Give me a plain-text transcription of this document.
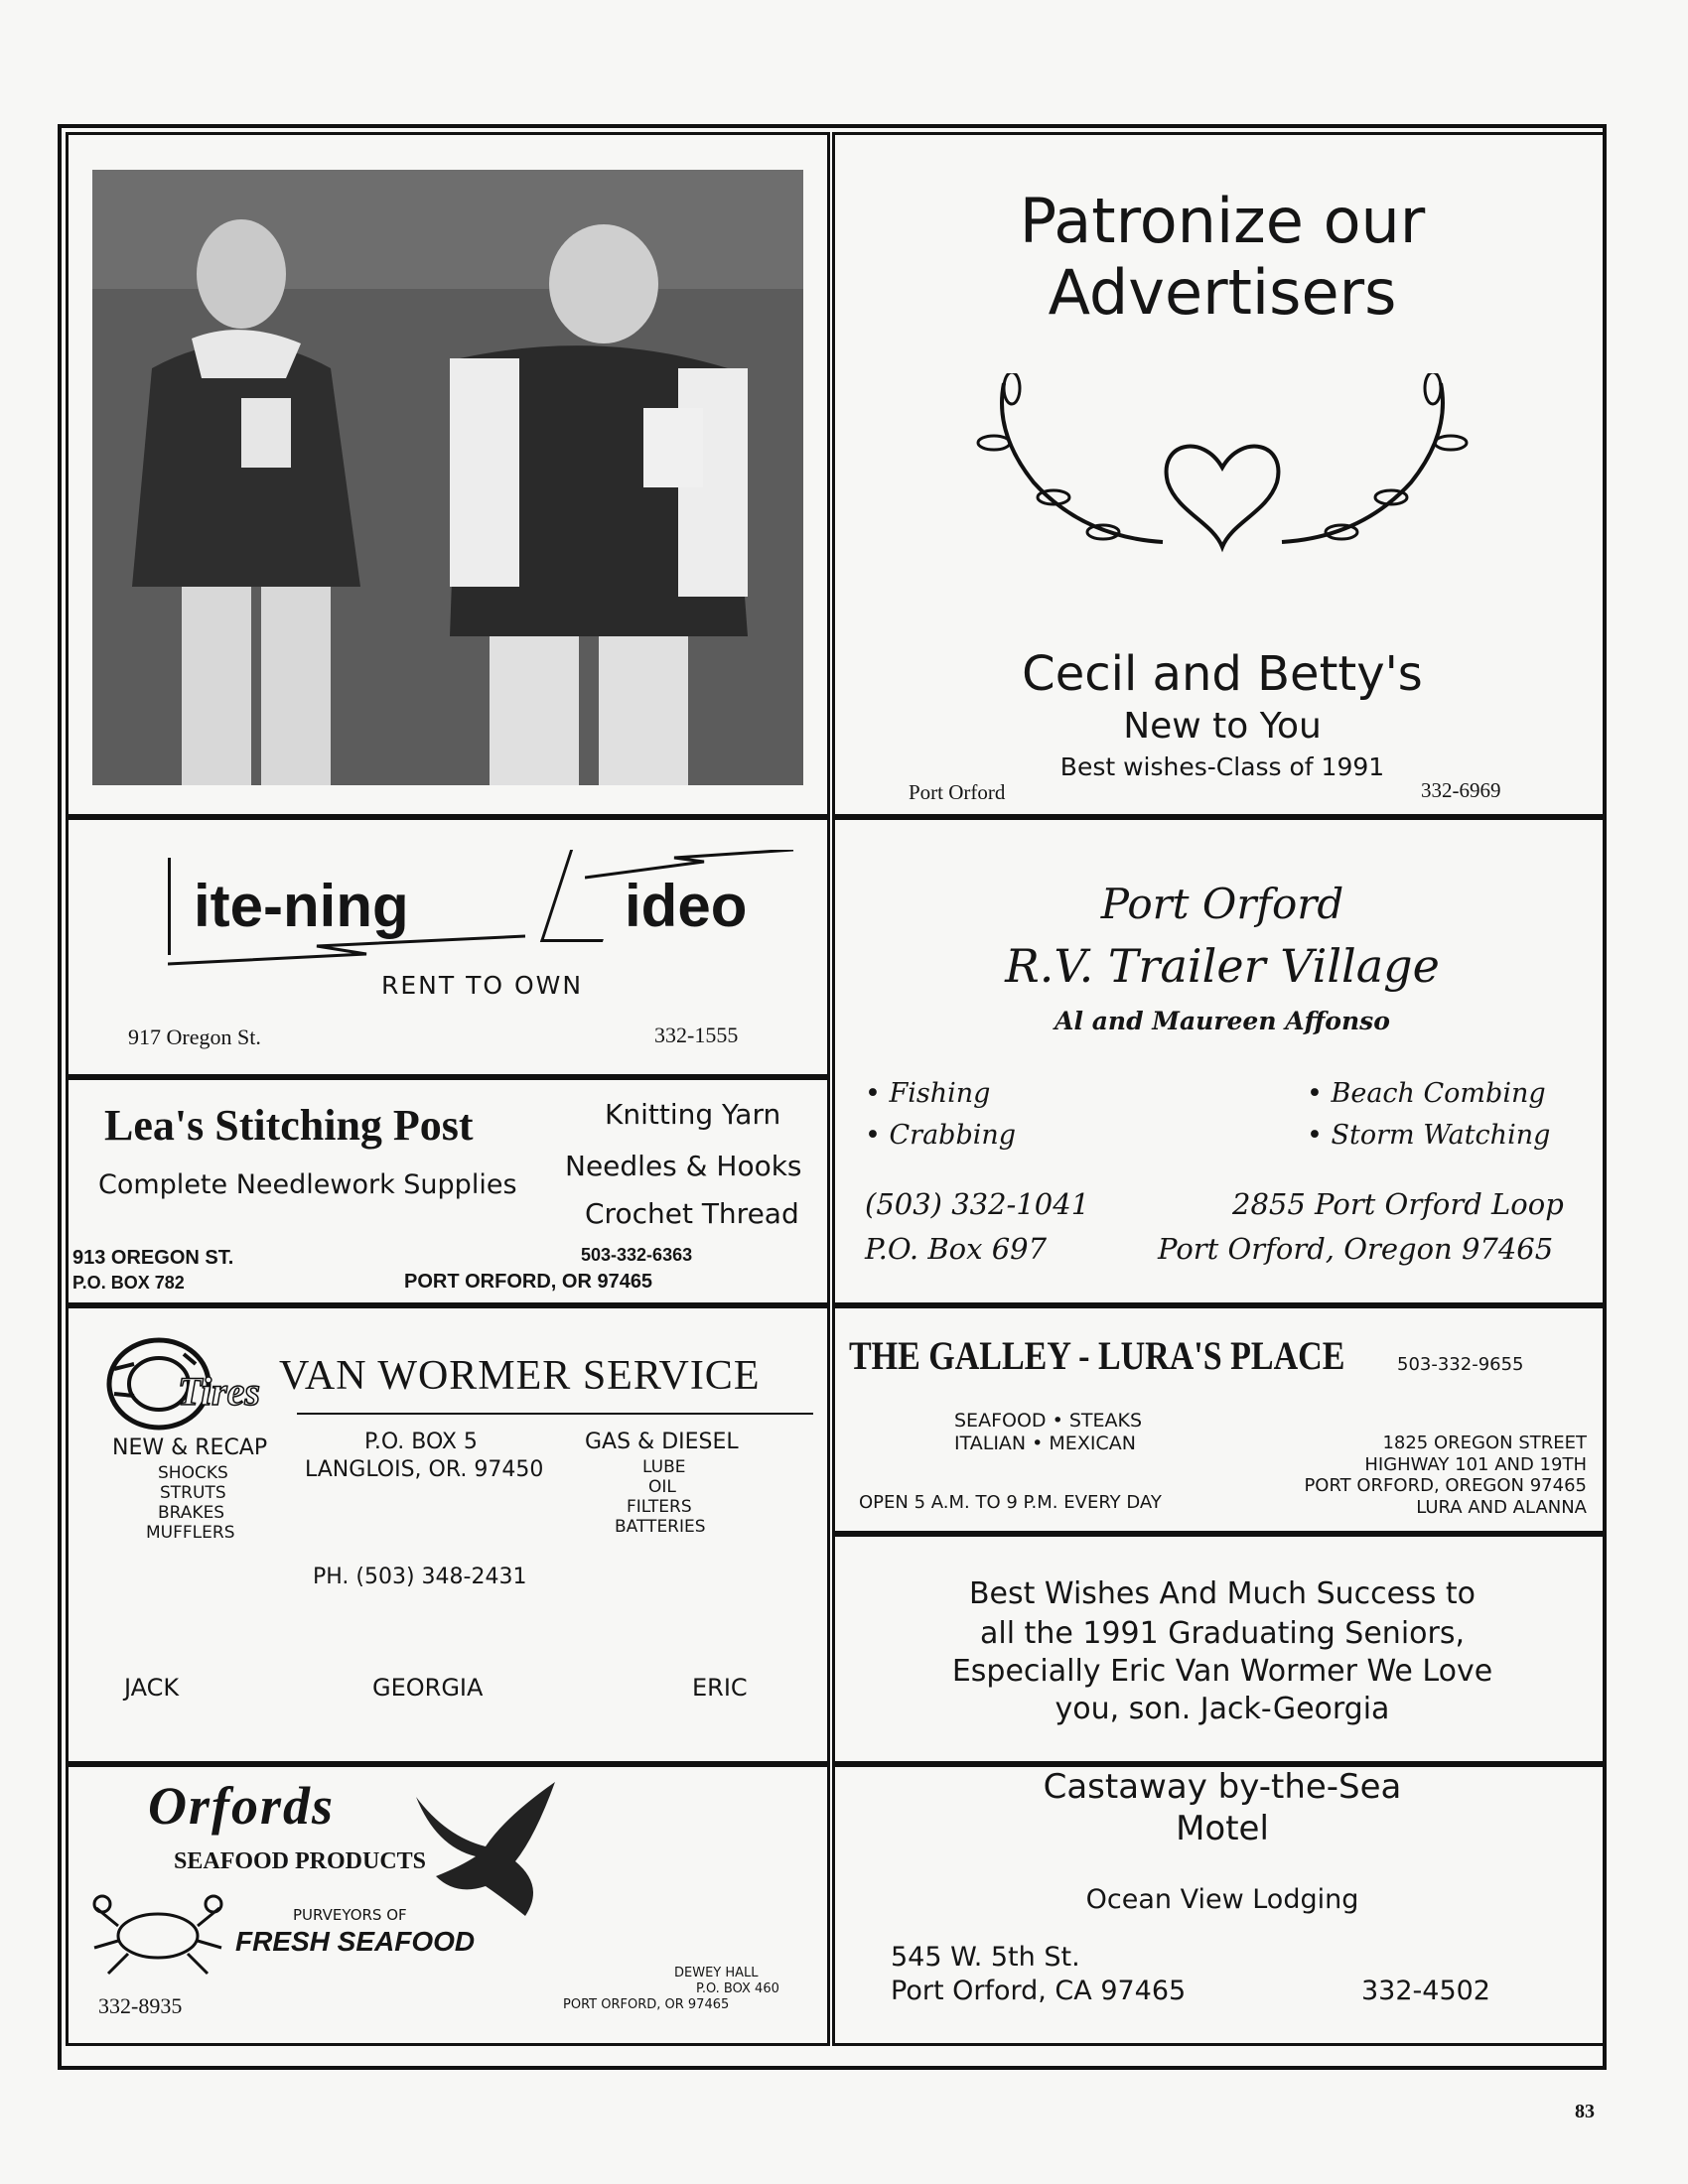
Patronize our
Advertisers
Cecil and Betty's
New to You
Best wishes-Class of 1991
Port Orford	332-6969
ite-ning	ideo
RENT TO OWN
917 Oregon St.	332-1555
Lea's Stitching Post	Knitting Yarn
Needles & Hooks
Complete Needlework Supplies
Crochet Thread
913 OREGON ST.
P.O. BOX 782
503-332-6363
PORT ORFORD, OR 97465
Port Orford
R.V. Trailer Village
Al and Maureen Affonso
• Fishing
• Crabbing
• Beach Combing
• Storm Watching
(503) 332-1041
P.O. Box 697
2855 Port Orford Loop
Port Orford, Oregon 97465
Tires VAN WORMER SERVICE
NEW & RECAP
SHOCKS
STRUTS
BRAKES
MUFFLERS
P.O. BOX 5
LANGLOIS, OR. 97450
GAS & DIESEL
LUBE
OIL
FILTERS
BATTERIES
PH. (503) 348-2431
JACK	GEORGIA	ERIC
THE GALLEY - LURA'S PLACE	503-332-9655
SEAFOOD • STEAKS
ITALIAN • MEXICAN
OPEN 5 A.M. TO 9 P.M. EVERY DAY
1825 OREGON STREET
HIGHWAY 101 AND 19TH
PORT ORFORD, OREGON 97465
LURA AND ALANNA
Best Wishes And Much Success to
all the 1991 Graduating Seniors,
Especially Eric Van Wormer We Love
you, son. Jack-Georgia
Orfords
SEAFOOD PRODUCTS
PURVEYORS OF
FRESH SEAFOOD
332-8935
DEWEY HALL
P.O. BOX 460
PORT ORFORD, OR 97465
Castaway by-the-Sea
Motel
Ocean View Lodging
545 W. 5th St.
Port Orford, CA 97465	332-4502
83
